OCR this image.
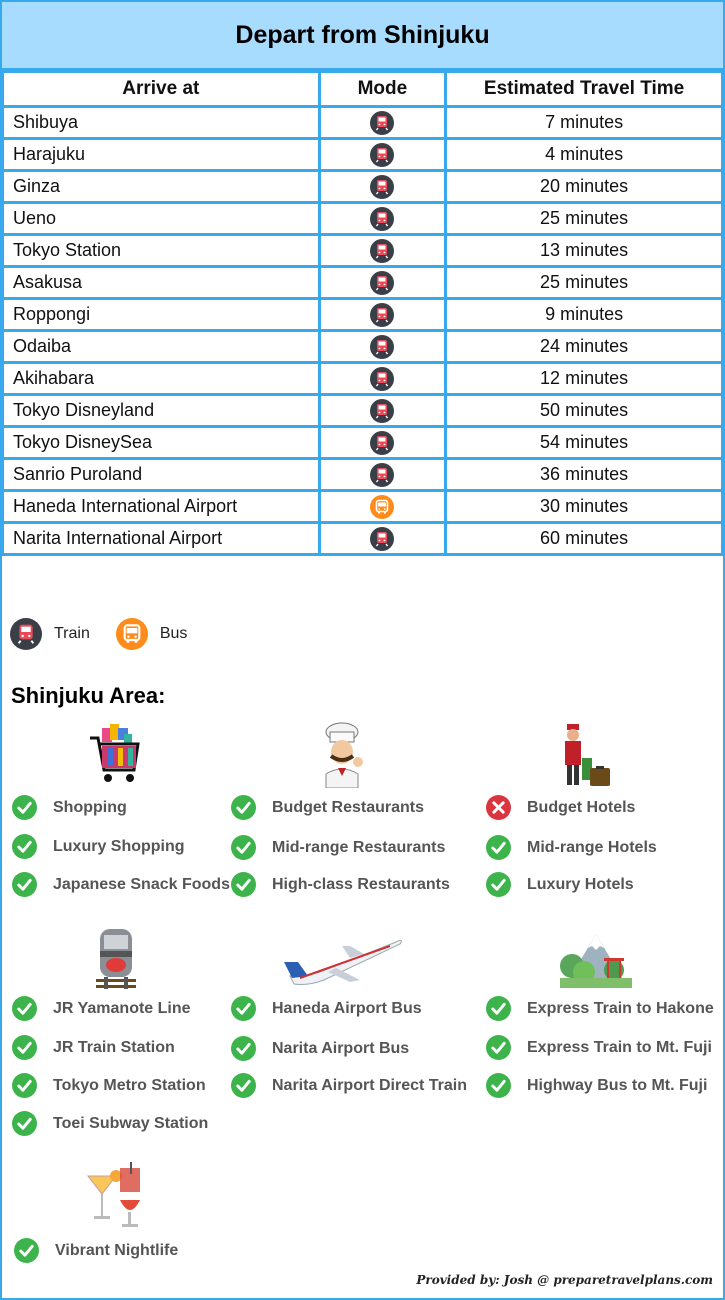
Depart from Shinjuku
Arrive at	Mode	Estimated Travel Time
Shibuya		7 minutes
Harajuku		4 minutes
Ginza		20 minutes
Ueno		25 minutes
Tokyo Station		13 minutes
Asakusa		25 minutes
Roppongi		9 minutes
Odaiba		24 minutes
Akihabara		12 minutes
Tokyo Disneyland		50 minutes
Tokyo DisneySea		54 minutes
Sanrio Puroland		36 minutes
Haneda International Airport		30 minutes
Narita International Airport		60 minutes
Train	Bus
Shinjuku Area:
Shopping
Luxury Shopping
Japanese Snack Foods
Budget Restaurants
Mid-range Restaurants
High-class Restaurants
Budget Hotels
Mid-range Hotels
Luxury Hotels
JR Yamanote Line
JR Train Station
Tokyo Metro Station
Toei Subway Station
Haneda Airport Bus
Narita Airport Bus
Narita Airport Direct Train
Express Train to Hakone
Express Train to Mt. Fuji
Highway Bus to Mt. Fuji
Vibrant Nightlife
Provided by: Josh @ preparetravelplans.com
